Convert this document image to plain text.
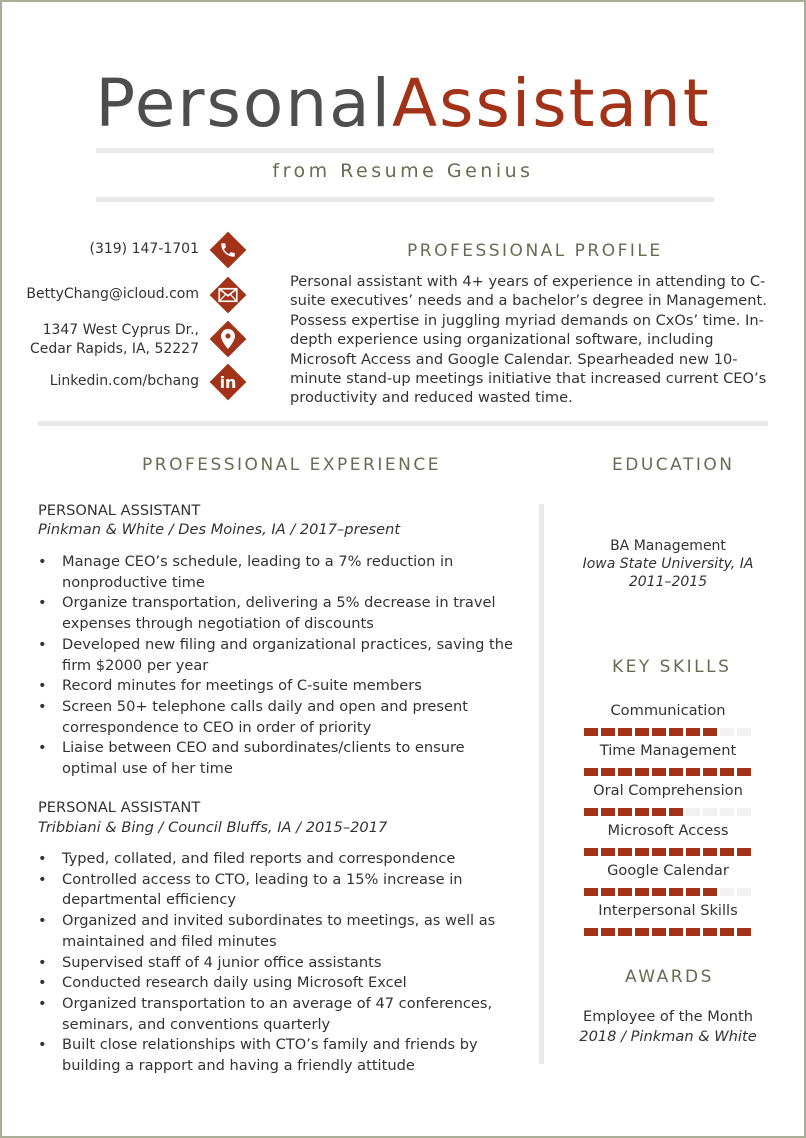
PersonalAssistant
from Resume Genius
(319) 147-1701
BettyChang@icloud.com
1347 West Cyprus Dr.,
Cedar Rapids, IA, 52227
Linkedin.com/bchang in
PROFESSIONAL PROFILE
Personal assistant with 4+ years of experience in attending to C-suite executives’ needs and a bachelor’s degree in Management. Possess expertise in juggling myriad demands on CxOs’ time. In-depth experience using organizational software, including Microsoft Access and Google Calendar. Spearheaded new 10-minute stand-up meetings initiative that increased current CEO’s productivity and reduced wasted time.
PROFESSIONAL EXPERIENCE
PERSONAL ASSISTANT
Pinkman & White / Des Moines, IA / 2017–present
• Manage CEO’s schedule, leading to a 7% reduction in nonproductive time
• Organize transportation, delivering a 5% decrease in travel expenses through negotiation of discounts
• Developed new filing and organizational practices, saving the firm $2000 per year
• Record minutes for meetings of C-suite members
• Screen 50+ telephone calls daily and open and present correspondence to CEO in order of priority
• Liaise between CEO and subordinates/clients to ensure optimal use of her time
PERSONAL ASSISTANT
Tribbiani & Bing / Council Bluffs, IA / 2015–2017
• Typed, collated, and filed reports and correspondence
• Controlled access to CTO, leading to a 15% increase in departmental efficiency
• Organized and invited subordinates to meetings, as well as maintained and filed minutes
• Supervised staff of 4 junior office assistants
• Conducted research daily using Microsoft Excel
• Organized transportation to an average of 47 conferences, seminars, and conventions quarterly
• Built close relationships with CTO’s family and friends by building a rapport and having a friendly attitude
EDUCATION
BA Management
Iowa State University, IA
2011–2015
KEY SKILLS
Communication
Time Management
Oral Comprehension
Microsoft Access
Google Calendar
Interpersonal Skills
AWARDS
Employee of the Month
2018 / Pinkman & White
